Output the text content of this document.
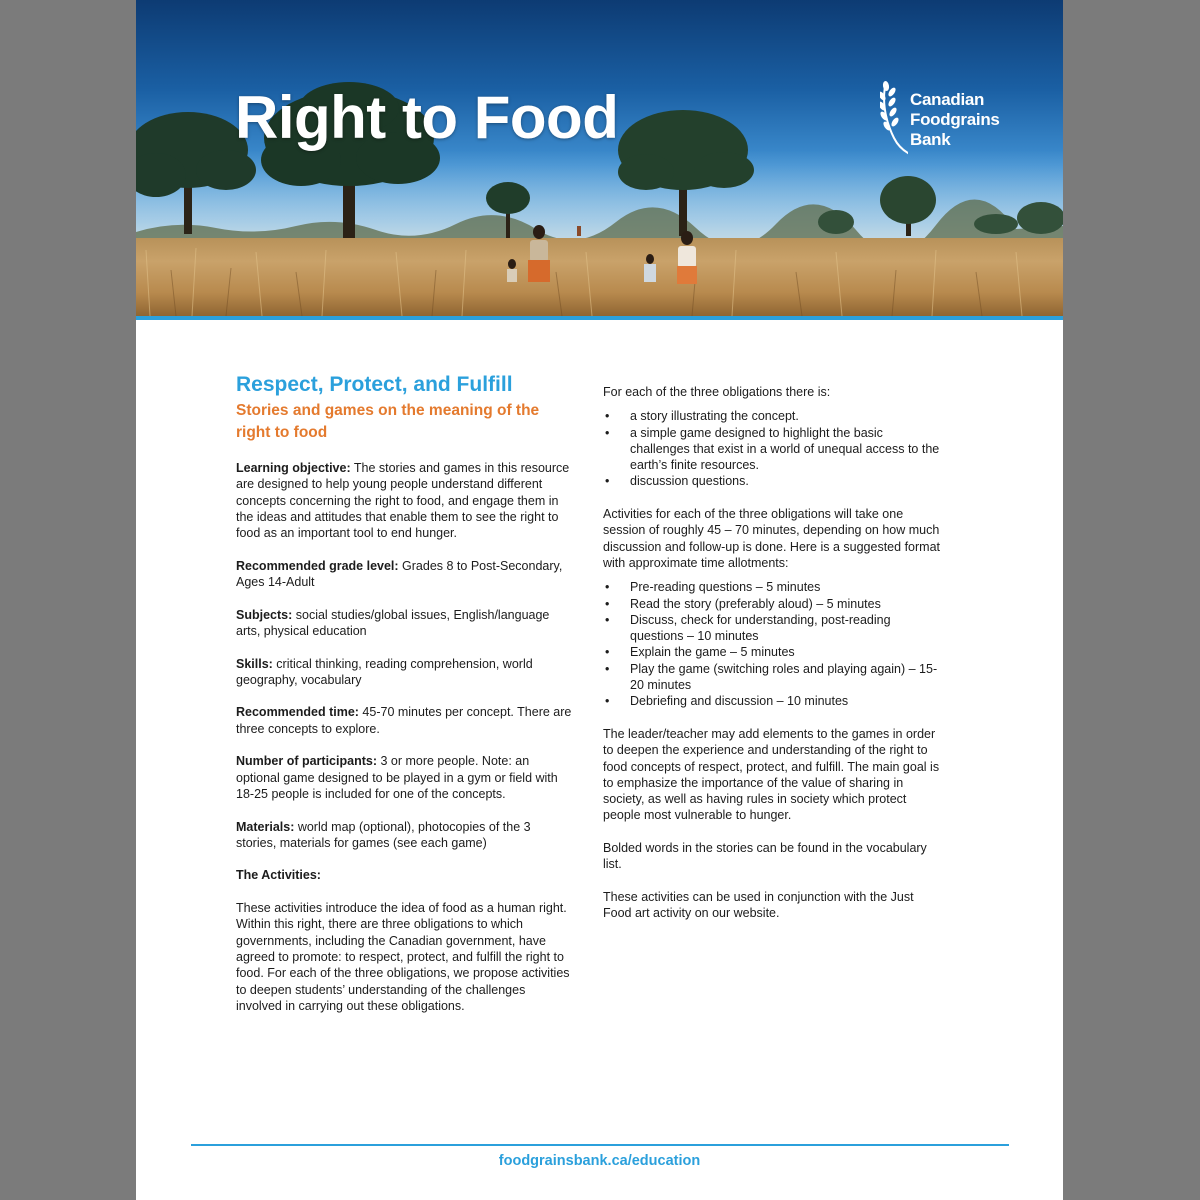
Right to Food	Canadian
Foodgrains
Bank
Respect, Protect, and Fulfill
Stories and games on the meaning of the right to food

Learning objective: The stories and games in this resource are designed to help young people understand different concepts concerning the right to food, and engage them in the ideas and attitudes that enable them to see the right to food as an important tool to end hunger.

Recommended grade level: Grades 8 to Post-Secondary, Ages 14-Adult

Subjects: social studies/global issues, English/language arts, physical education

Skills: critical thinking, reading comprehension, world geography, vocabulary

Recommended time: 45-70 minutes per concept. There are three concepts to explore.

Number of participants: 3 or more people. Note: an optional game designed to be played in a gym or field with 18-25 people is included for one of the concepts.

Materials: world map (optional), photocopies of the 3 stories, materials for games (see each game)

The Activities:

These activities introduce the idea of food as a human right. Within this right, there are three obligations to which governments, including the Canadian government, have agreed to promote: to respect, protect, and fulfill the right to food. For each of the three obligations, we propose activities to deepen students’ understanding of the challenges involved in carrying out these obligations.

For each of the three obligations there is:

• a story illustrating the concept.
• a simple game designed to highlight the basic challenges that exist in a world of unequal access to the earth’s finite resources.
• discussion questions.

Activities for each of the three obligations will take one session of roughly 45 – 70 minutes, depending on how much discussion and follow-up is done. Here is a suggested format with approximate time allotments:

• Pre-reading questions – 5 minutes
• Read the story (preferably aloud) – 5 minutes
• Discuss, check for understanding, post-reading questions – 10 minutes
• Explain the game – 5 minutes
• Play the game (switching roles and playing again) – 15-20 minutes
• Debriefing and discussion – 10 minutes

The leader/teacher may add elements to the games in order to deepen the experience and understanding of the right to food concepts of respect, protect, and fulfill. The main goal is to emphasize the importance of the value of sharing in society, as well as having rules in society which protect people most vulnerable to hunger.

Bolded words in the stories can be found in the vocabulary list.

These activities can be used in conjunction with the Just Food art activity on our website.

foodgrainsbank.ca/education
